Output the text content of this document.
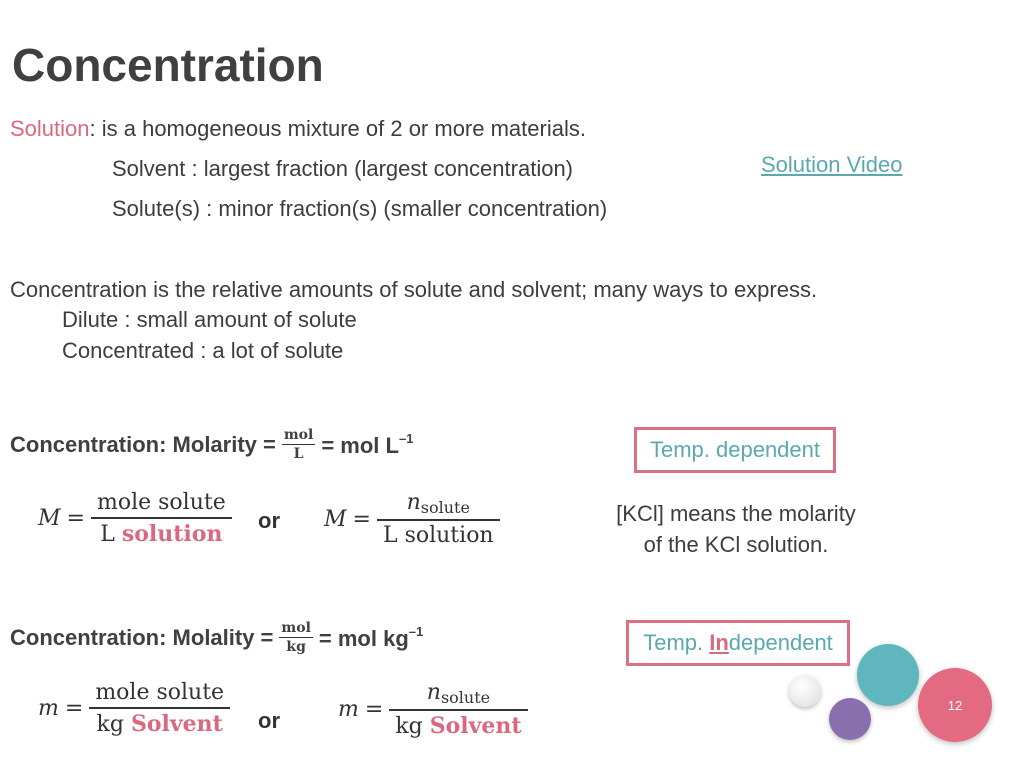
Concentration
Solution: is a homogeneous mixture of 2 or more materials.
Solvent : largest fraction (largest concentration)
Solute(s) : minor fraction(s) (smaller concentration)
Solution Video
Concentration is the relative amounts of solute and solvent; many ways to express.
Dilute : small amount of solute
Concentrated : a lot of solute
Concentration: Molarity = $\frac{\text{mol}}{L}$ = mol $L^{-1}$	Temp. dependent
$M = \frac{\text{mole solute}}{\text{L solution}}$ or $M = \frac{n_{solute}}{\text{L solution}}$	[KCl] means the molarity
of the KCl solution.
Concentration: Molality = $\frac{\text{mol}}{kg}$ = mol $kg^{-1}$	Temp. In dependent
$m = \frac{\text{mole solute}}{\text{kg Solvent}}$ or	$m = \frac{n_{solute}}{\text{kg Solvent}}$	12
